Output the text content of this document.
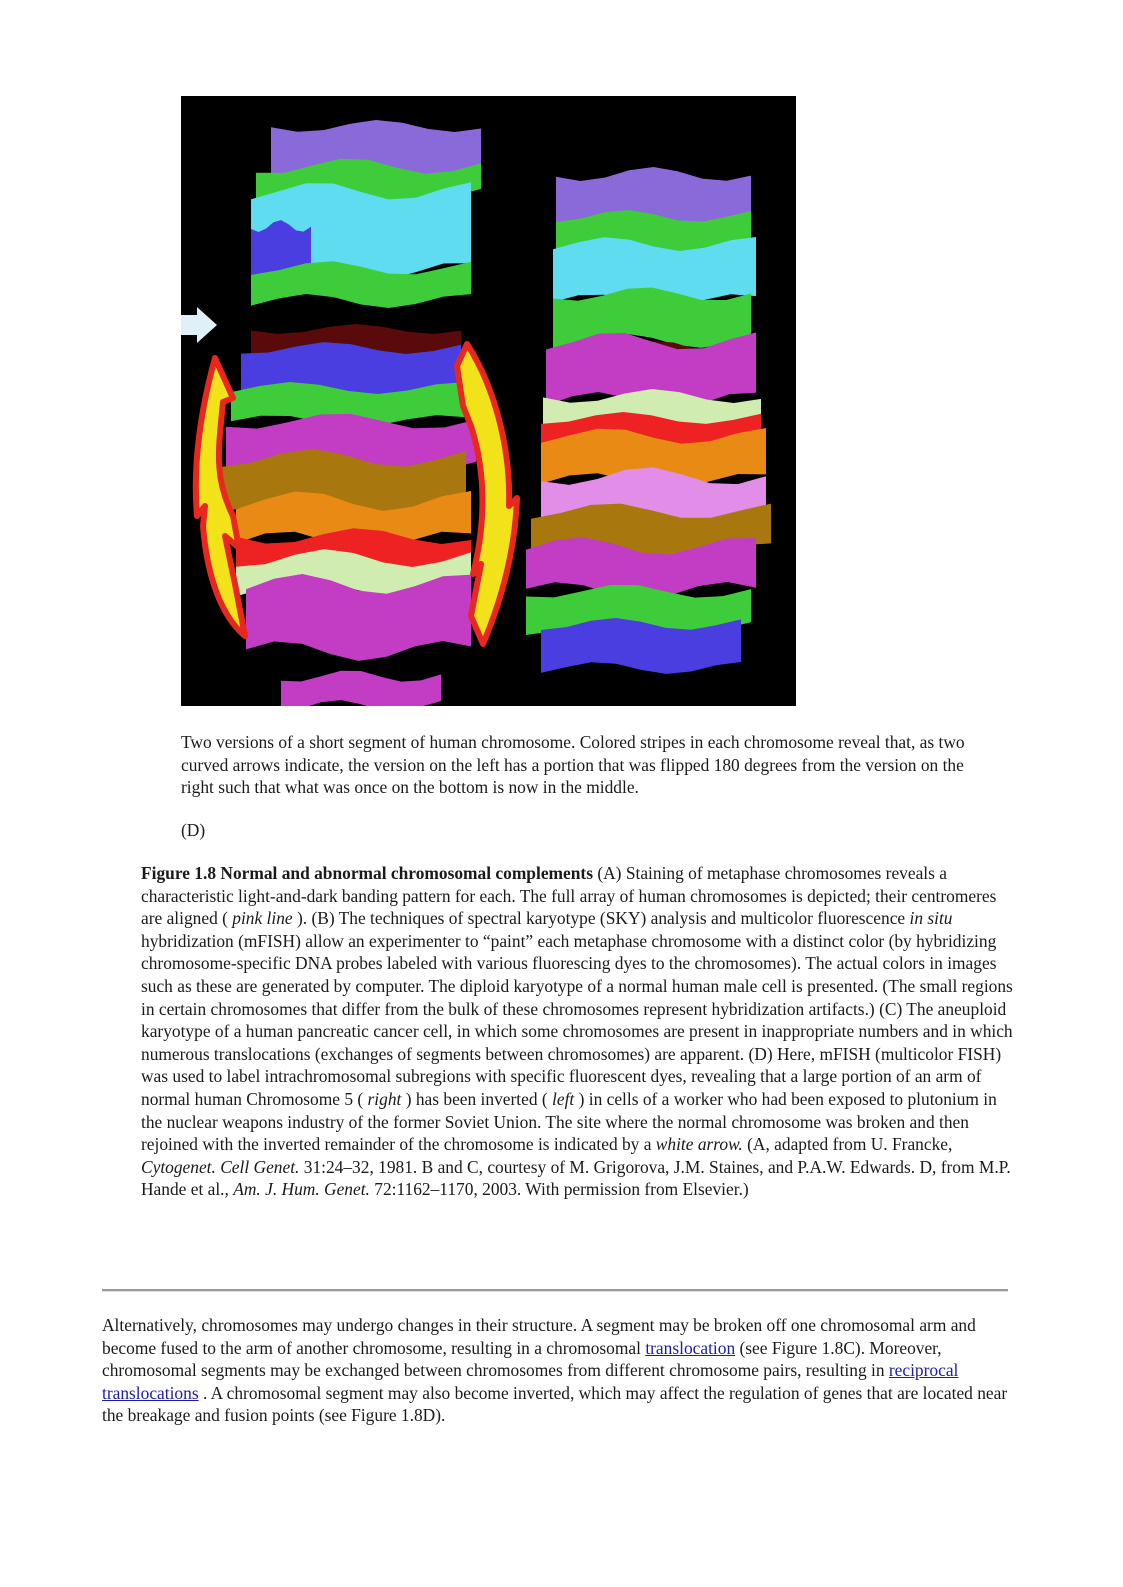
Two versions of a short segment of human chromosome. Colored stripes in each chromosome reveal that, as two curved arrows indicate, the version on the left has a portion that was flipped 180 degrees from the version on the right such that what was once on the bottom is now in the middle.

(D)

Figure 1.8 Normal and abnormal chromosomal complements (A) Staining of metaphase chromosomes reveals a characteristic light-and-dark banding pattern for each. The full array of human chromosomes is depicted; their centromeres are aligned ( pink line ). (B) The techniques of spectral karyotype (SKY) analysis and multicolor fluorescence in situ hybridization (mFISH) allow an experimenter to “paint” each metaphase chromosome with a distinct color (by hybridizing chromosome-specific DNA probes labeled with various fluorescing dyes to the chromosomes). The actual colors in images such as these are generated by computer. The diploid karyotype of a normal human male cell is presented. (The small regions in certain chromosomes that differ from the bulk of these chromosomes represent hybridization artifacts.) (C) The aneuploid karyotype of a human pancreatic cancer cell, in which some chromosomes are present in inappropriate numbers and in which numerous translocations (exchanges of segments between chromosomes) are apparent. (D) Here, mFISH (multicolor FISH) was used to label intrachromosomal subregions with specific fluorescent dyes, revealing that a large portion of an arm of normal human Chromosome 5 ( right ) has been inverted ( left ) in cells of a worker who had been exposed to plutonium in the nuclear weapons industry of the former Soviet Union. The site where the normal chromosome was broken and then rejoined with the inverted remainder of the chromosome is indicated by a white arrow. (A, adapted from U. Francke, Cytogenet. Cell Genet. 31:24–32, 1981. B and C, courtesy of M. Grigorova, J.M. Staines, and P.A.W. Edwards. D, from M.P. Hande et al., Am. J. Hum. Genet. 72:1162–1170, 2003. With permission from Elsevier.)

Alternatively, chromosomes may undergo changes in their structure. A segment may be broken off one chromosomal arm and become fused to the arm of another chromosome, resulting in a chromosomal translocation (see Figure 1.8C). Moreover, chromosomal segments may be exchanged between chromosomes from different chromosome pairs, resulting in reciprocal translocations . A chromosomal segment may also become inverted, which may affect the regulation of genes that are located near the breakage and fusion points (see Figure 1.8D).
